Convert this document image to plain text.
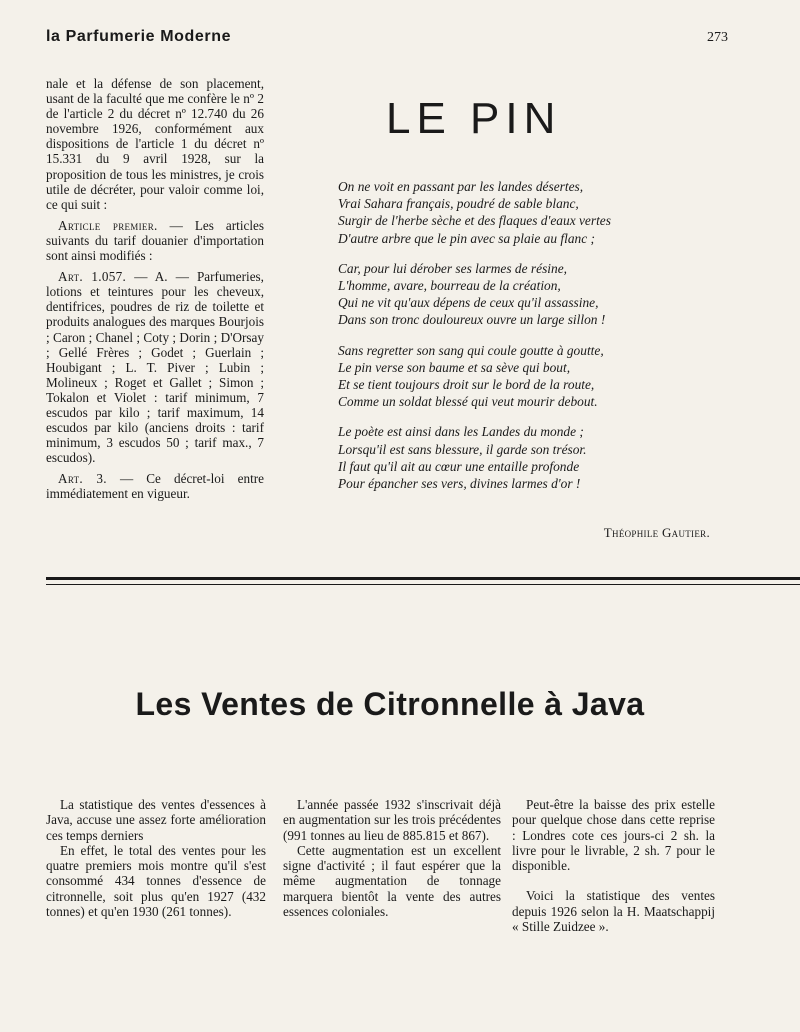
la Parfumerie Moderne	273

nale et la défense de son placement, usant de la faculté que me confère le nº 2 de l'article 2 du décret nº 12.740 du 26 novembre 1926, conformément aux dispositions de l'article 1 du décret nº 15.331 du 9 avril 1928, sur la proposition de tous les ministres, je crois utile de décréter, pour valoir comme loi, ce qui suit :

Article premier. — Les articles suivants du tarif douanier d'importation sont ainsi modifiés :

Art. 1.057. — A. — Parfumeries, lotions et teintures pour les cheveux, dentifrices, poudres de riz de toilette et produits analogues des marques Bourjois ; Caron ; Chanel ; Coty ; Dorin ; D'Orsay ; Gellé Frères ; Godet ; Guerlain ; Houbigant ; L. T. Piver ; Lubin ; Molineux ; Roget et Gallet ; Simon ; Tokalon et Violet : tarif minimum, 7 escudos par kilo ; tarif maximum, 14 escudos par kilo (anciens droits : tarif minimum, 3 escudos 50 ; tarif max., 7 escudos).

Art. 3. — Ce décret-loi entre immédiatement en vigueur.

LE PIN
On ne voit en passant par les landes désertes,
Vrai Sahara français, poudré de sable blanc,
Surgir de l'herbe sèche et des flaques d'eaux vertes
D'autre arbre que le pin avec sa plaie au flanc ;
Car, pour lui dérober ses larmes de résine,
L'homme, avare, bourreau de la création,
Qui ne vit qu'aux dépens de ceux qu'il assassine,
Dans son tronc douloureux ouvre un large sillon !
Sans regretter son sang qui coule goutte à goutte,
Le pin verse son baume et sa sève qui bout,
Et se tient toujours droit sur le bord de la route,
Comme un soldat blessé qui veut mourir debout.
Le poète est ainsi dans les Landes du monde ;
Lorsqu'il est sans blessure, il garde son trésor.
Il faut qu'il ait au cœur une entaille profonde
Pour épancher ses vers, divines larmes d'or !
Théophile Gautier.
Les Ventes de Citronnelle à Java

La statistique des ventes d'essences à Java, accuse une assez forte amélioration ces temps derniers

En effet, le total des ventes pour les quatre premiers mois montre qu'il s'est consommé 434 tonnes d'essence de citronnelle, soit plus qu'en 1927 (432 tonnes) et qu'en 1930 (261 tonnes).

L'année passée 1932 s'inscrivait déjà en augmentation sur les trois précédentes (991 tonnes au lieu de 885.815 et 867).

Cette augmentation est un excellent signe d'activité ; il faut espérer que la même augmentation de tonnage marquera bientôt la vente des autres essences coloniales.

Peut-être la baisse des prix estelle pour quelque chose dans cette reprise : Londres cote ces jours-ci 2 sh. la livre pour le livrable, 2 sh. 7 pour le disponible.

Voici la statistique des ventes depuis 1926 selon la H. Maatschappij « Stille Zuidzee ».
